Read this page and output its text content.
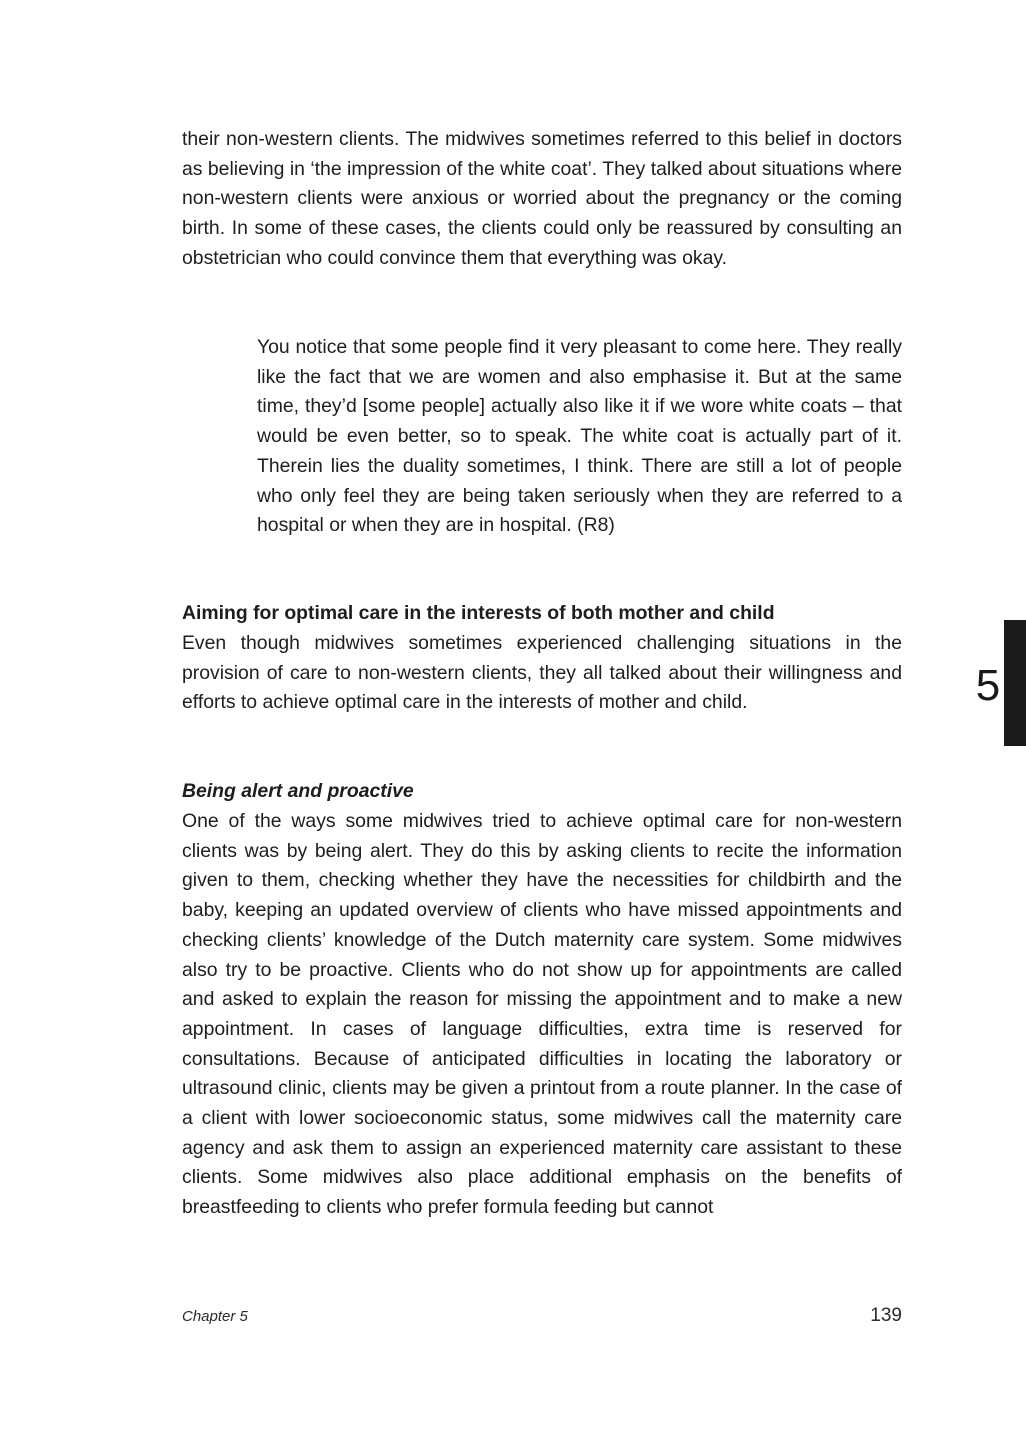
their non-western clients. The midwives sometimes referred to this belief in doctors as believing in ‘the impression of the white coat’. They talked about situations where non-western clients were anxious or worried about the pregnancy or the coming birth. In some of these cases, the clients could only be reassured by consulting an obstetrician who could convince them that everything was okay.

You notice that some people find it very pleasant to come here. They really like the fact that we are women and also emphasise it. But at the same time, they’d [some people] actually also like it if we wore white coats – that would be even better, so to speak. The white coat is actually part of it. Therein lies the duality sometimes, I think. There are still a lot of people who only feel they are being taken seriously when they are referred to a hospital or when they are in hospital. (R8)

Aiming for optimal care in the interests of both mother and child

Even though midwives sometimes experienced challenging situations in the provision of care to non-western clients, they all talked about their willingness and efforts to achieve optimal care in the interests of mother and child.

Being alert and proactive

One of the ways some midwives tried to achieve optimal care for non-western clients was by being alert. They do this by asking clients to recite the information given to them, checking whether they have the necessities for childbirth and the baby, keeping an updated overview of clients who have missed appointments and checking clients’ knowledge of the Dutch maternity care system. Some midwives also try to be proactive. Clients who do not show up for appointments are called and asked to explain the reason for missing the appointment and to make a new appointment. In cases of language difficulties, extra time is reserved for consultations. Because of anticipated difficulties in locating the laboratory or ultrasound clinic, clients may be given a printout from a route planner. In the case of a client with lower socioeconomic status, some midwives call the maternity care agency and ask them to assign an experienced maternity care assistant to these clients. Some midwives also place additional emphasis on the benefits of breastfeeding to clients who prefer formula feeding but cannot

5
Chapter 5	139
